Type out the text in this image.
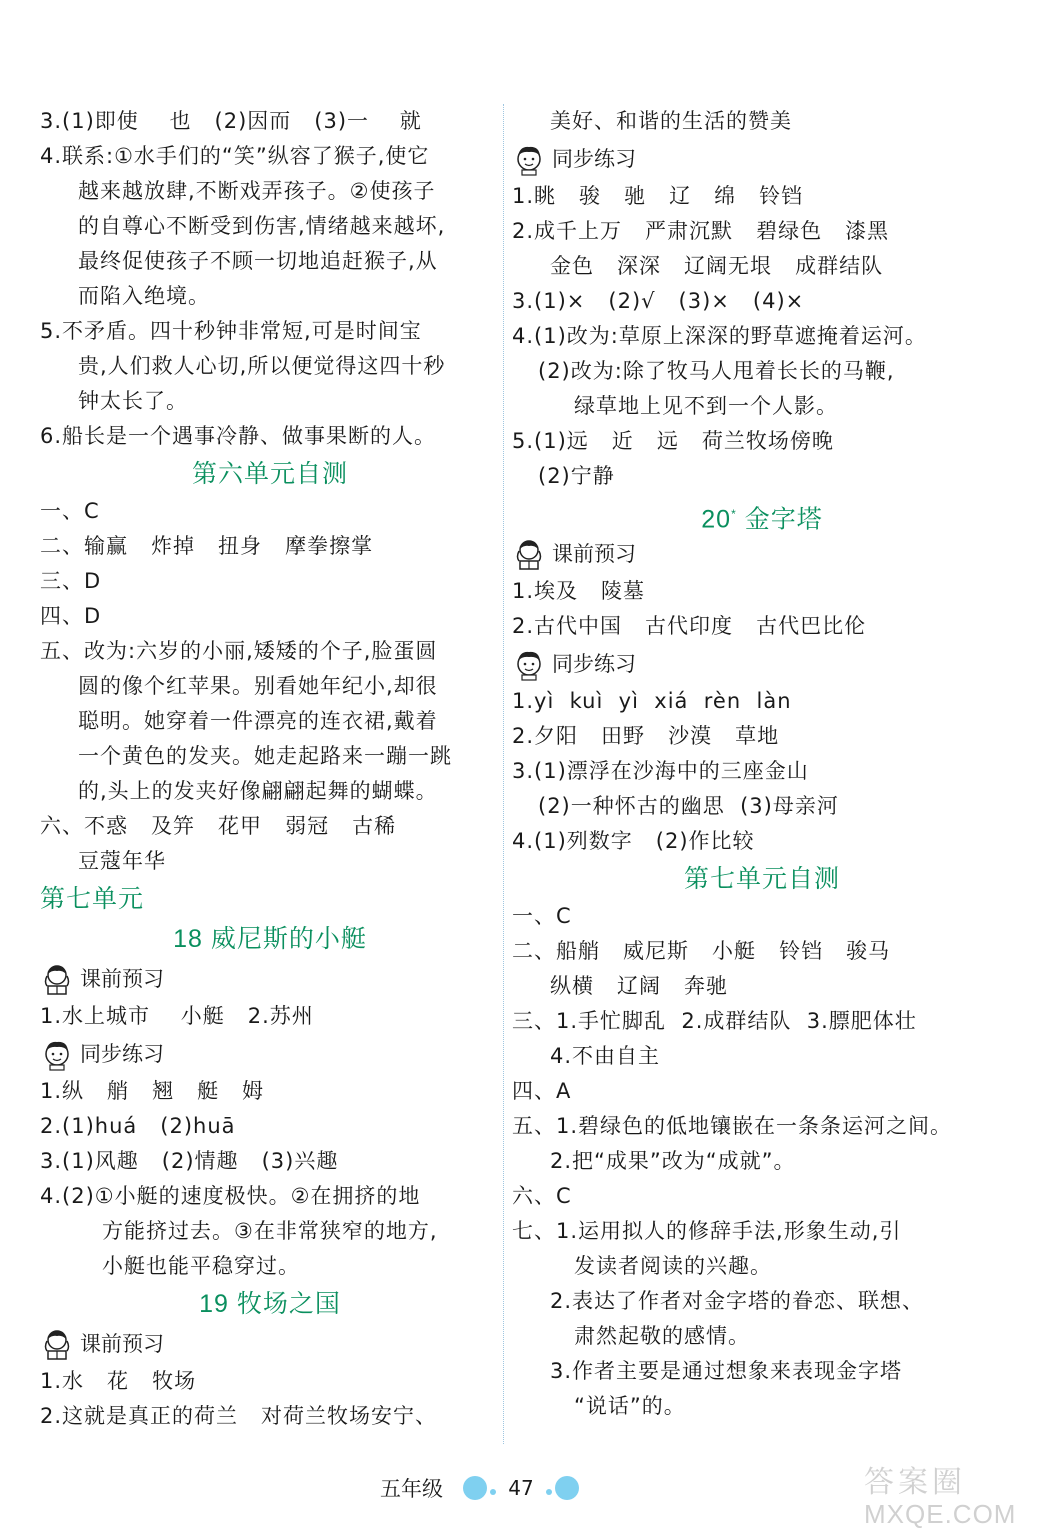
3.(1)即使    也   (2)因而   (3)一    就
4.联系:①水手们的“笑”纵容了猴子,使它
越来越放肆,不断戏弄孩子。②使孩子
的自尊心不断受到伤害,情绪越来越坏,
最终促使孩子不顾一切地追赶猴子,从
而陷入绝境。
5.不矛盾。四十秒钟非常短,可是时间宝
贵,人们救人心切,所以便觉得这四十秒
钟太长了。
6.船长是一个遇事冷静、做事果断的人。
第六单元自测
一、C
二、输赢   炸掉   扭身   摩拳擦掌
三、D
四、D
五、改为:六岁的小丽,矮矮的个子,脸蛋圆
圆的像个红苹果。别看她年纪小,却很
聪明。她穿着一件漂亮的连衣裙,戴着
一个黄色的发夹。她走起路来一蹦一跳
的,头上的发夹好像翩翩起舞的蝴蝶。
六、不惑   及笄   花甲   弱冠   古稀
豆蔻年华
第七单元
18 威尼斯的小艇
课前预习
1.水上城市    小艇   2.苏州
同步练习
1.纵   艄   翘   艇   姆
2.(1)huá   (2)huā
3.(1)风趣   (2)情趣   (3)兴趣
4.(2)①小艇的速度极快。②在拥挤的地
方能挤过去。③在非常狭窄的地方,
小艇也能平稳穿过。
19 牧场之国
课前预习
1.水   花   牧场
2.这就是真正的荷兰   对荷兰牧场安宁、
美好、和谐的生活的赞美
同步练习
1.眺   骏   驰   辽   绵   铃铛
2.成千上万   严肃沉默   碧绿色   漆黑
金色   深深   辽阔无垠   成群结队
3.(1)×   (2)√   (3)×   (4)×
4.(1)改为:草原上深深的野草遮掩着运河。
(2)改为:除了牧马人甩着长长的马鞭,
绿草地上见不到一个人影。
5.(1)远   近   远   荷兰牧场傍晚
(2)宁静
20* 金字塔
课前预习
1.埃及   陵墓
2.古代中国   古代印度   古代巴比伦
同步练习
1.yì  kuì  yì  xiá  rèn  làn
2.夕阳   田野   沙漠   草地
3.(1)漂浮在沙海中的三座金山
(2)一种怀古的幽思  (3)母亲河
4.(1)列数字   (2)作比较
第七单元自测
一、C
二、船艄   威尼斯   小艇   铃铛   骏马
纵横   辽阔   奔驰
三、1.手忙脚乱  2.成群结队  3.膘肥体壮
4.不由自主
四、A
五、1.碧绿色的低地镶嵌在一条条运河之间。
2.把“成果”改为“成就”。
六、C
七、1.运用拟人的修辞手法,形象生动,引
发读者阅读的兴趣。
2.表达了作者对金字塔的眷恋、联想、
肃然起敬的感情。
3.作者主要是通过想象来表现金字塔
“说话”的。
五年级	47	答案圈
MXQE.COM
